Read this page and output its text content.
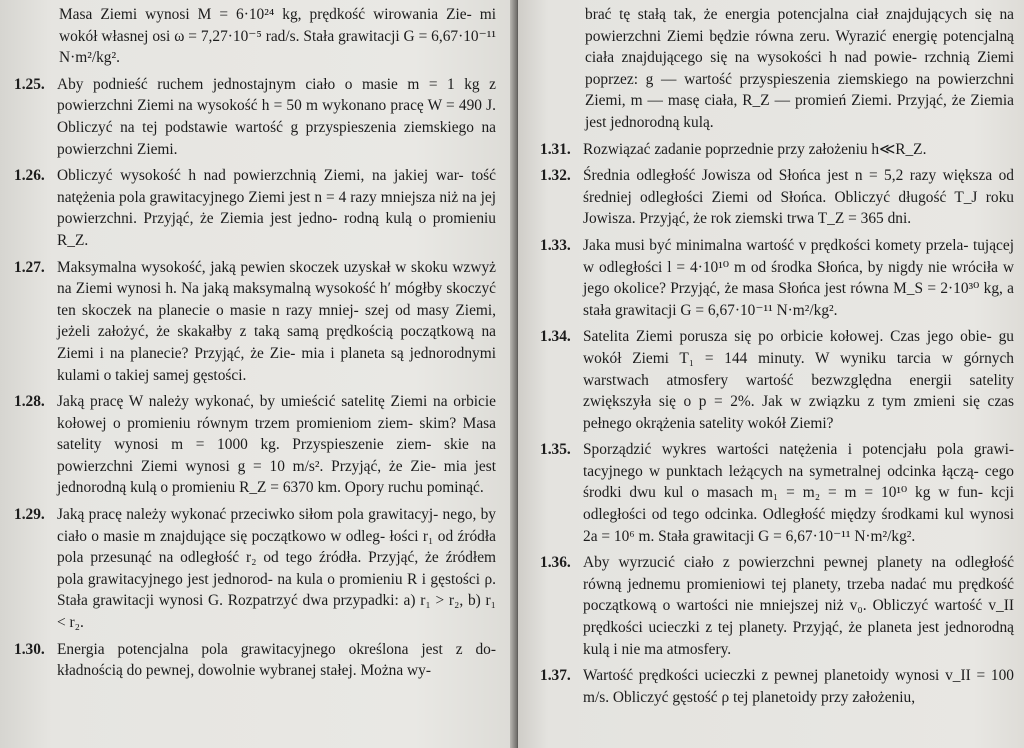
Masa Ziemi wynosi M = 6·10²⁴ kg, prędkość wirowania Zie- mi wokół własnej osi ω = 7,27·10⁻⁵ rad/s. Stała grawitacji G = 6,67·10⁻¹¹ N·m²/kg².
1.25. Aby podnieść ruchem jednostajnym ciało o masie m = 1 kg z powierzchni Ziemi na wysokość h = 50 m wykonano pracę W = 490 J. Obliczyć na tej podstawie wartość g przyspieszenia ziemskiego na powierzchni Ziemi.
1.26. Obliczyć wysokość h nad powierzchnią Ziemi, na jakiej war- tość natężenia pola grawitacyjnego Ziemi jest n = 4 razy mniejsza niż na jej powierzchni. Przyjąć, że Ziemia jest jedno- rodną kulą o promieniu R_Z.
1.27. Maksymalna wysokość, jaką pewien skoczek uzyskał w skoku wzwyż na Ziemi wynosi h. Na jaką maksymalną wysokość h′ mógłby skoczyć ten skoczek na planecie o masie n razy mniej- szej od masy Ziemi, jeżeli założyć, że skakałby z taką samą prędkością początkową na Ziemi i na planecie? Przyjąć, że Zie- mia i planeta są jednorodnymi kulami o takiej samej gęstości.
1.28. Jaką pracę W należy wykonać, by umieścić satelitę Ziemi na orbicie kołowej o promieniu równym trzem promieniom ziem- skim? Masa satelity wynosi m = 1000 kg. Przyspieszenie ziem- skie na powierzchni Ziemi wynosi g = 10 m/s². Przyjąć, że Zie- mia jest jednorodną kulą o promieniu R_Z = 6370 km. Opory ruchu pominąć.
1.29. Jaką pracę należy wykonać przeciwko siłom pola grawitacyj- nego, by ciało o masie m znajdujące się początkowo w odleg- łości r₁ od źródła pola przesunąć na odległość r₂ od tego źródła. Przyjąć, że źródłem pola grawitacyjnego jest jednorod- na kula o promieniu R i gęstości ρ. Stała grawitacji wynosi G. Rozpatrzyć dwa przypadki: a) r₁ > r₂, b) r₁ < r₂.
1.30. Energia potencjalna pola grawitacyjnego określona jest z do- kładnością do pewnej, dowolnie wybranej stałej. Można wy-
brać tę stałą tak, że energia potencjalna ciał znajdujących się na powierzchni Ziemi będzie równa zeru. Wyrazić energię potencjalną ciała znajdującego się na wysokości h nad powie- rzchnią Ziemi poprzez: g — wartość przyspieszenia ziemskiego na powierzchni Ziemi, m — masę ciała, R_Z — promień Ziemi. Przyjąć, że Ziemia jest jednorodną kulą.
1.31. Rozwiązać zadanie poprzednie przy założeniu h≪R_Z.
1.32. Średnia odległość Jowisza od Słońca jest n = 5,2 razy większa od średniej odległości Ziemi od Słońca. Obliczyć długość T_J roku Jowisza. Przyjąć, że rok ziemski trwa T_Z = 365 dni.
1.33. Jaka musi być minimalna wartość v prędkości komety przela- tującej w odległości l = 4·10¹⁰ m od środka Słońca, by nigdy nie wróciła w jego okolice? Przyjąć, że masa Słońca jest równa M_S = 2·10³⁰ kg, a stała grawitacji G = 6,67·10⁻¹¹ N·m²/kg².
1.34. Satelita Ziemi porusza się po orbicie kołowej. Czas jego obie- gu wokół Ziemi T₁ = 144 minuty. W wyniku tarcia w górnych warstwach atmosfery wartość bezwzględna energii satelity zwiększyła się o p = 2%. Jak w związku z tym zmieni się czas pełnego okrążenia satelity wokół Ziemi?
1.35. Sporządzić wykres wartości natężenia i potencjału pola grawi- tacyjnego w punktach leżących na symetralnej odcinka łączą- cego środki dwu kul o masach m₁ = m₂ = m = 10¹⁰ kg w fun- kcji odległości od tego odcinka. Odległość między środkami kul wynosi 2a = 10⁶ m. Stała grawitacji G = 6,67·10⁻¹¹ N·m²/kg².
1.36. Aby wyrzucić ciało z powierzchni pewnej planety na odległość równą jednemu promieniowi tej planety, trzeba nadać mu prędkość początkową o wartości nie mniejszej niż v₀. Obliczyć wartość v_II prędkości ucieczki z tej planety. Przyjąć, że planeta jest jednorodną kulą i nie ma atmosfery.
1.37. Wartość prędkości ucieczki z pewnej planetoidy wynosi v_II = 100 m/s. Obliczyć gęstość ρ tej planetoidy przy założeniu,
